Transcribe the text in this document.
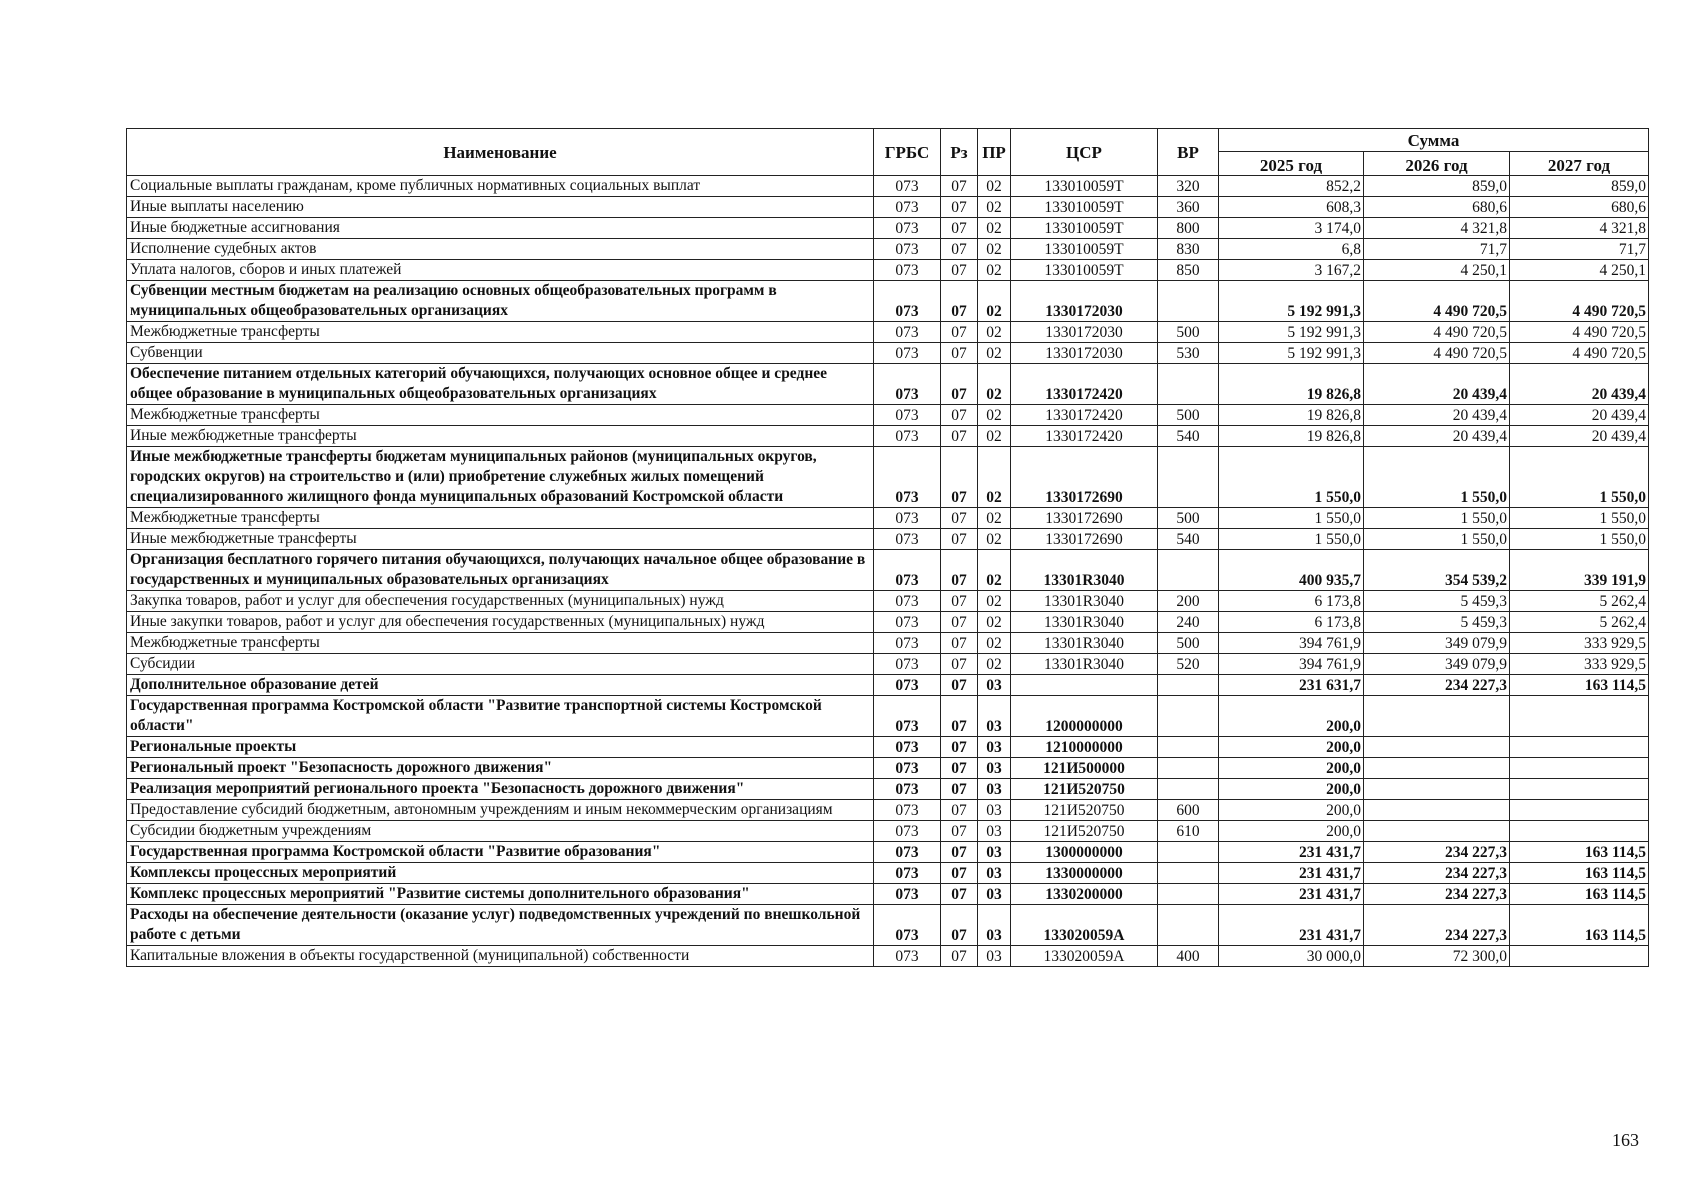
Наименование	ГРБС	Рз	ПР	ЦСР	ВР	Сумма		
						2025 год	2026 год	2027 год
Социальные выплаты гражданам, кроме публичных нормативных социальных выплат	073	07	02	133010059Т	320	852,2	859,0	859,0
Иные выплаты населению	073	07	02	133010059Т	360	608,3	680,6	680,6
Иные бюджетные ассигнования	073	07	02	133010059Т	800	3 174,0	4 321,8	4 321,8
Исполнение судебных актов	073	07	02	133010059Т	830	6,8	71,7	71,7
Уплата налогов, сборов и иных платежей	073	07	02	133010059Т	850	3 167,2	4 250,1	4 250,1
Субвенции местным бюджетам на реализацию основных общеобразовательных программ в муниципальных общеобразовательных организациях	073	07	02	1330172030		5 192 991,3	4 490 720,5	4 490 720,5
Межбюджетные трансферты	073	07	02	1330172030	500	5 192 991,3	4 490 720,5	4 490 720,5
Субвенции	073	07	02	1330172030	530	5 192 991,3	4 490 720,5	4 490 720,5
Обеспечение питанием отдельных категорий обучающихся, получающих основное общее и среднее общее образование в муниципальных общеобразовательных организациях	073	07	02	1330172420		19 826,8	20 439,4	20 439,4
Межбюджетные трансферты	073	07	02	1330172420	500	19 826,8	20 439,4	20 439,4
Иные межбюджетные трансферты	073	07	02	1330172420	540	19 826,8	20 439,4	20 439,4
Иные межбюджетные трансферты бюджетам муниципальных районов (муниципальных округов, городских округов) на строительство и (или) приобретение служебных жилых помещений специализированного жилищного фонда муниципальных образований Костромской области	073	07	02	1330172690		1 550,0	1 550,0	1 550,0
Межбюджетные трансферты	073	07	02	1330172690	500	1 550,0	1 550,0	1 550,0
Иные межбюджетные трансферты	073	07	02	1330172690	540	1 550,0	1 550,0	1 550,0
Организация бесплатного горячего питания обучающихся, получающих начальное общее образование в государственных и муниципальных образовательных организациях	073	07	02	13301R3040		400 935,7	354 539,2	339 191,9
Закупка товаров, работ и услуг для обеспечения государственных (муниципальных) нужд	073	07	02	13301R3040	200	6 173,8	5 459,3	5 262,4
Иные закупки товаров, работ и услуг для обеспечения государственных (муниципальных) нужд	073	07	02	13301R3040	240	6 173,8	5 459,3	5 262,4
Межбюджетные трансферты	073	07	02	13301R3040	500	394 761,9	349 079,9	333 929,5
Субсидии	073	07	02	13301R3040	520	394 761,9	349 079,9	333 929,5
Дополнительное образование детей	073	07	03			231 631,7	234 227,3	163 114,5
Государственная программа Костромской области "Развитие транспортной системы Костромской области"	073	07	03	1200000000		200,0		
Региональные проекты	073	07	03	1210000000		200,0		
Региональный проект "Безопасность дорожного движения"	073	07	03	121И500000		200,0		
Реализация мероприятий регионального проекта "Безопасность дорожного движения"	073	07	03	121И520750		200,0		
Предоставление субсидий бюджетным, автономным учреждениям и иным некоммерческим организациям	073	07	03	121И520750	600	200,0		
Субсидии бюджетным учреждениям	073	07	03	121И520750	610	200,0		
Государственная программа Костромской области "Развитие образования"	073	07	03	1300000000		231 431,7	234 227,3	163 114,5
Комплексы процессных мероприятий	073	07	03	1330000000		231 431,7	234 227,3	163 114,5
Комплекс процессных мероприятий "Развитие системы дополнительного образования"	073	07	03	1330200000		231 431,7	234 227,3	163 114,5
Расходы на обеспечение деятельности (оказание услуг) подведомственных учреждений по внешкольной работе с детьми	073	07	03	133020059А		231 431,7	234 227,3	163 114,5
Капитальные вложения в объекты государственной (муниципальной) собственности	073	07	03	133020059А	400	30 000,0	72 300,0	
163
